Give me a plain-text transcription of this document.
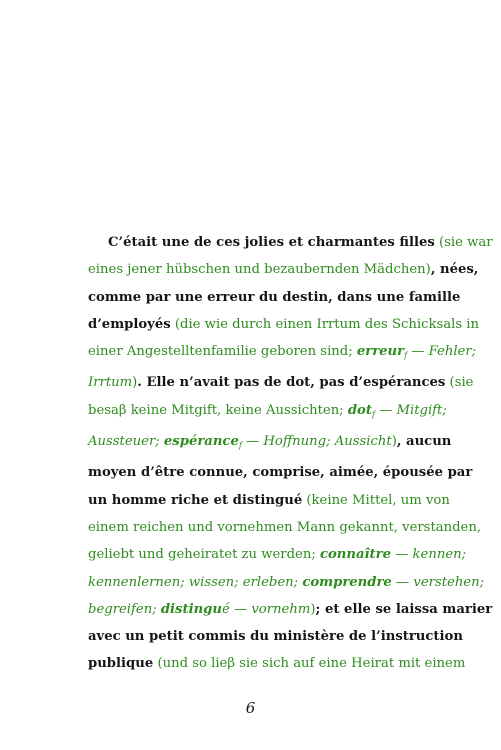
C’était une de ces jolies et charmantes filles (sie war
eines jener hübschen und bezaubernden Mädchen), nées,
comme par une erreur du destin, dans une famille
d’employés (die wie durch einen Irrtum des Schicksals in
einer Angestelltenfamilie geboren sind; erreur$_f$ — Fehler;
Irrtum). Elle n’avait pas de dot, pas d’espérances (sie
besaβ keine Mitgift, keine Aussichten; dot$_f$ — Mitgift;
Aussteuer; espérance$_f$ — Hoffnung; Aussicht), aucun
moyen d’être connue, comprise, aimée, épousée par
un homme riche et distingué (keine Mittel, um von
einem reichen und vornehmen Mann gekannt, verstanden,
geliebt und geheiratet zu werden; connaître — kennen;
kennenlernen; wissen; erleben; comprendre — verstehen;
begreifen; distingué — vornehm); et elle se laissa marier
avec un petit commis du ministère de l’instruction
publique (und so lieβ sie sich auf eine Heirat mit einem
6
